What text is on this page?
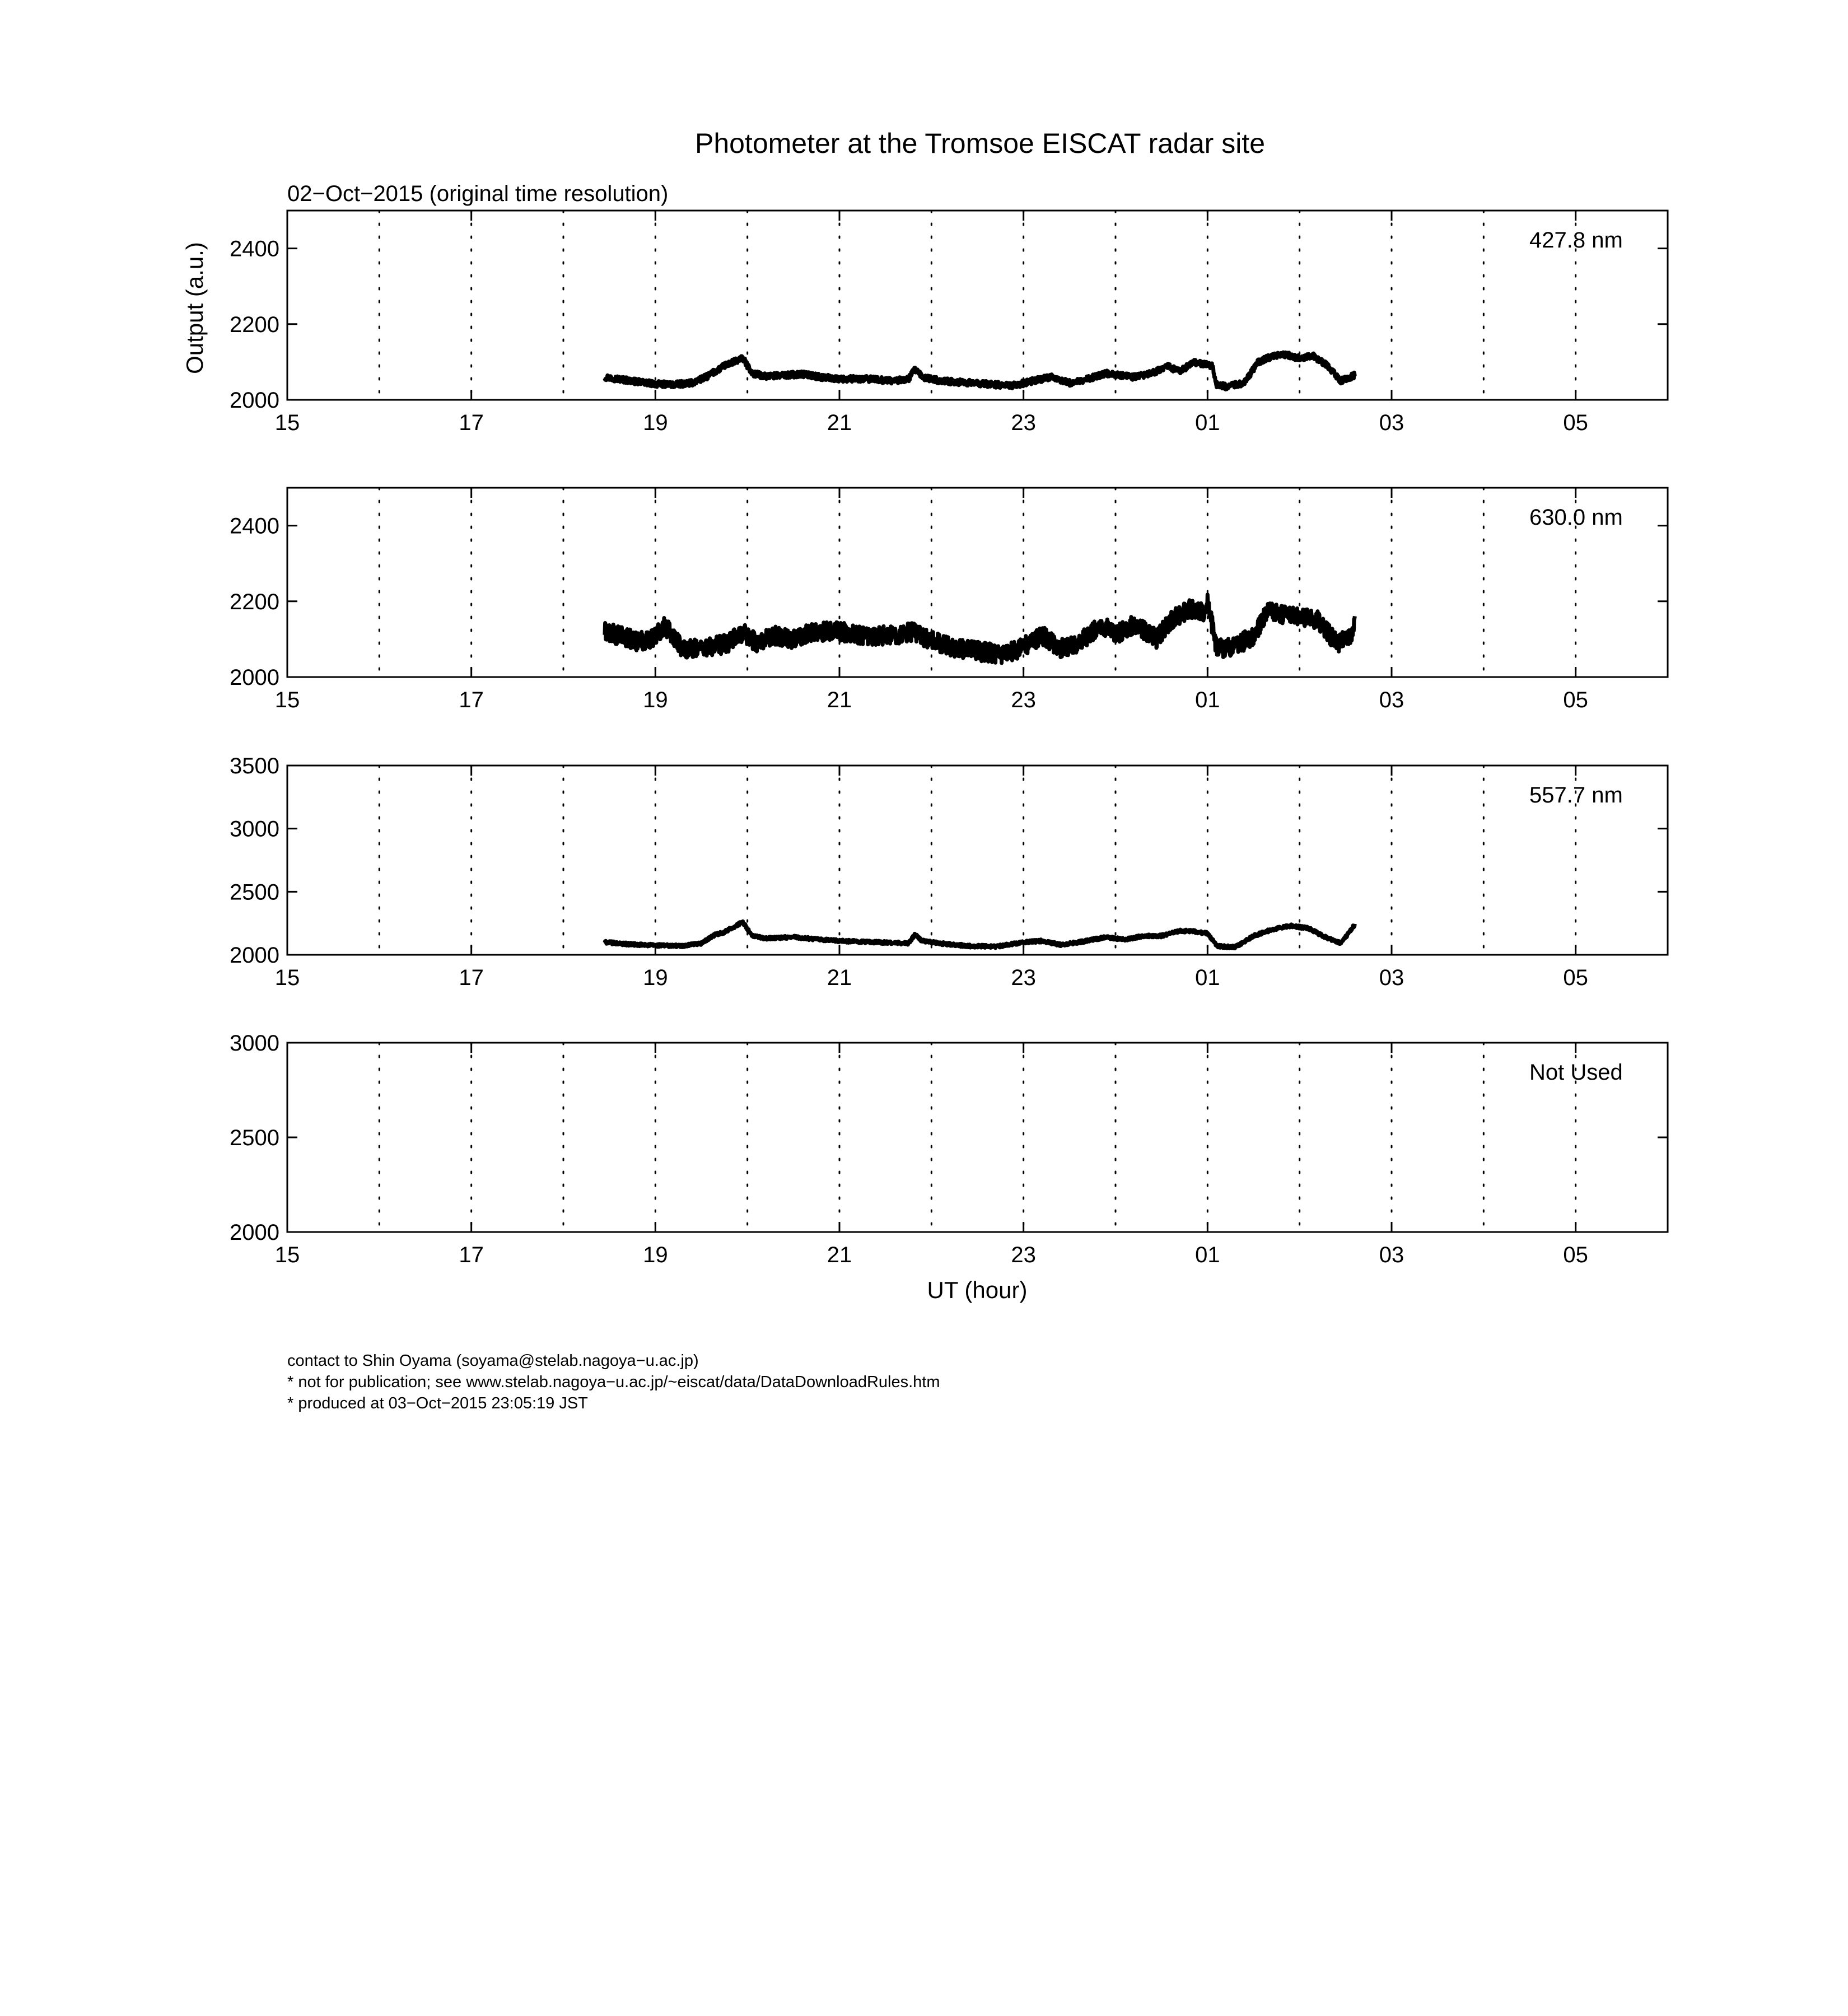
Photometer at the Tromsoe EISCAT radar site
02−Oct−2015 (original time resolution)
Output (a.u.)
UT (hour)
15	17	19	21	23	01	03	05
2000
2200
2400	427.8 nm
15	17	19	21	23	01	03	05
2000
2200
2400	630.0 nm
15	17	19	21	23	01	03	05
2000
2500
3000
3500
557.7 nm
15	17	19	21	23	01	03	05
2000
2500
3000
Not Used
contact to Shin Oyama (soyama@stelab.nagoya−u.ac.jp)
* not for publication; see www.stelab.nagoya−u.ac.jp/~eiscat/data/DataDownloadRules.htm
* produced at 03−Oct−2015 23:05:19 JST
